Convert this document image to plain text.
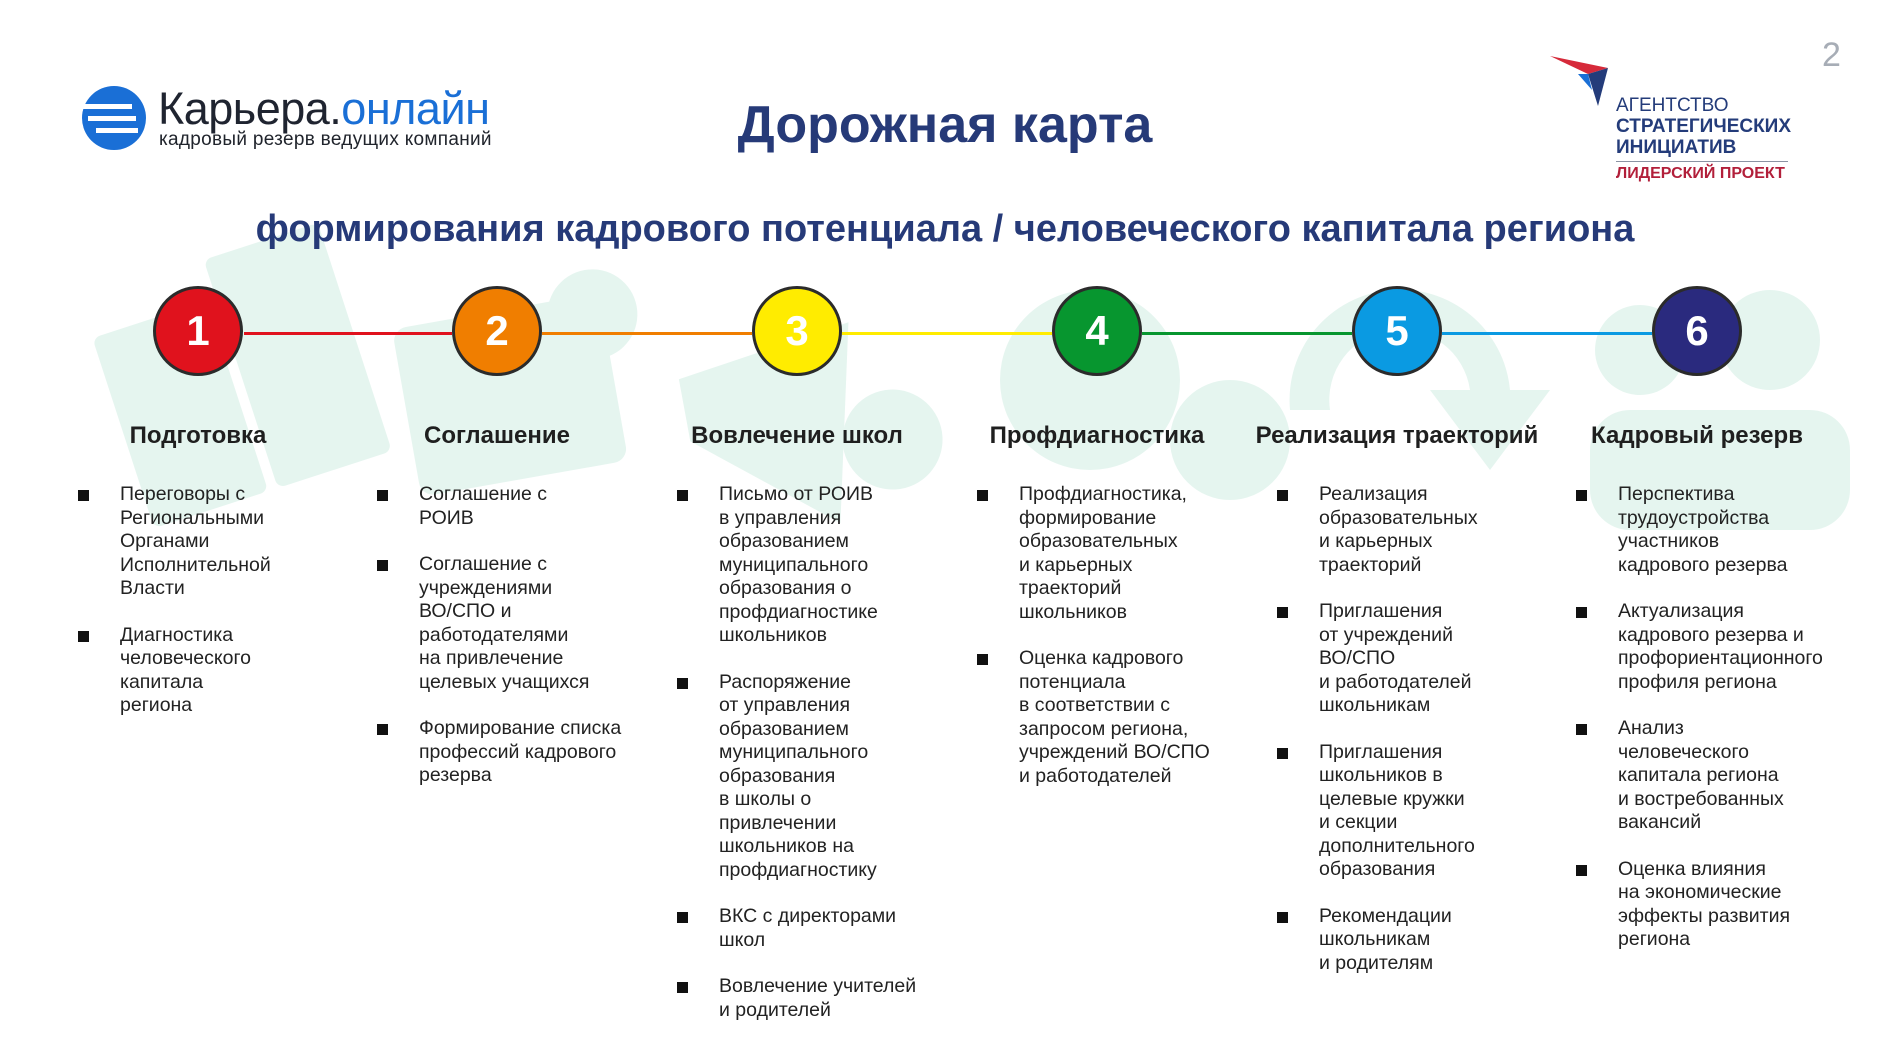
Карьера.онлайн
кадровый резерв ведущих компаний
2
АГЕНТСТВО
СТРАТЕГИЧЕСКИХ
ИНИЦИАТИВ
ЛИДЕРСКИЙ ПРОЕКТ
Дорожная карта
формирования кадрового потенциала / человеческого капитала региона
1
Подготовка
Переговоры с
Региональными
Органами
Исполнительной
Власти
Диагностика
человеческого
капитала
региона
2
Соглашение
Соглашение с
РОИВ
Соглашение с
учреждениями
ВО/СПО и
работодателями
на привлечение
целевых учащихся
Формирование списка
профессий кадрового
резерва
3
Вовлечение школ
Письмо от РОИВ
в управления
образованием
муниципального
образования о
профдиагностике
школьников
Распоряжение
от управления
образованием
муниципального
образования
в школы о
привлечении
школьников на
профдиагностику
ВКС с директорами
школ
Вовлечение учителей
и родителей
4
Профдиагностика
Профдиагностика,
формирование
образовательных
и карьерных
траекторий
школьников
Оценка кадрового
потенциала
в соответствии с
запросом региона,
учреждений ВО/СПО
и работодателей
5
Реализация траекторий
Реализация
образовательных
и карьерных
траекторий
Приглашения
от учреждений
ВО/СПО
и работодателей
школьникам
Приглашения
школьников в
целевые кружки
и секции
дополнительного
образования
Рекомендации
школьникам
и родителям
6
Кадровый резерв
Перспектива
трудоустройства
участников
кадрового резерва
Актуализация
кадрового резерва и
профориентационного
профиля региона
Анализ
человеческого
капитала региона
и востребованных
вакансий
Оценка влияния
на экономические
эффекты развития
региона
